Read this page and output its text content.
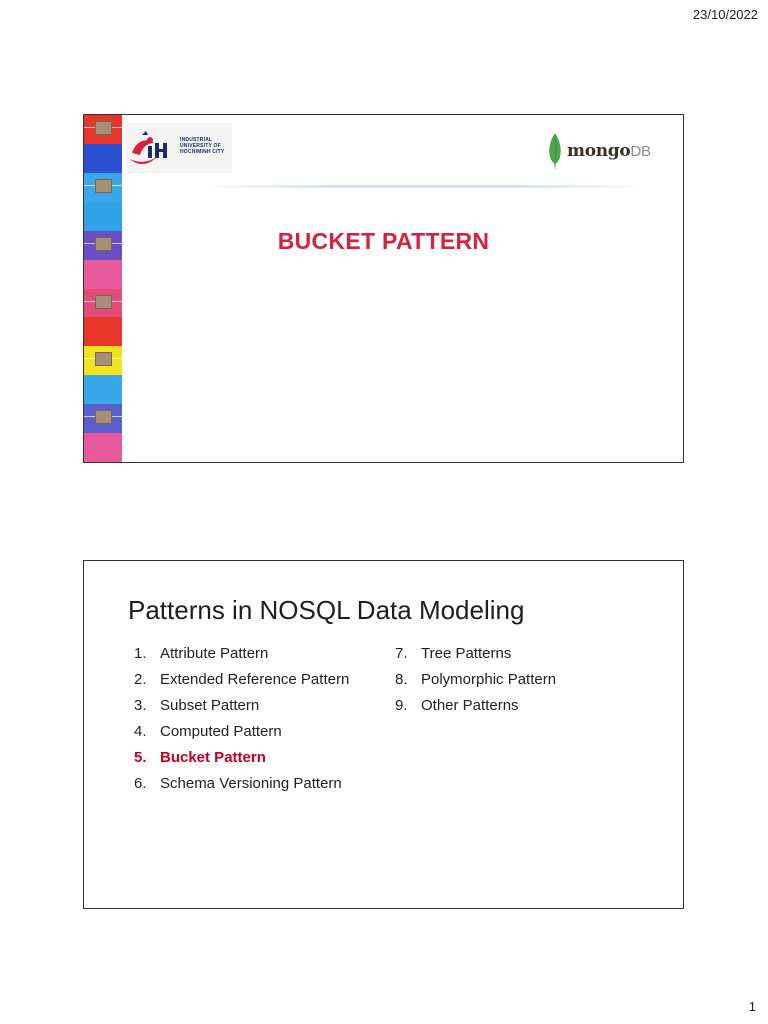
23/10/2022
INDUSTRIAL
UNIVERSITY OF
HOCHIMINH CITY	mongoDB
BUCKET PATTERN
Patterns in NOSQL Data Modeling
1. Attribute Pattern
2. Extended Reference Pattern
3. Subset Pattern
4. Computed Pattern
5. Bucket Pattern
6. Schema Versioning Pattern
7. Tree Patterns
8. Polymorphic Pattern
9. Other Patterns
1
